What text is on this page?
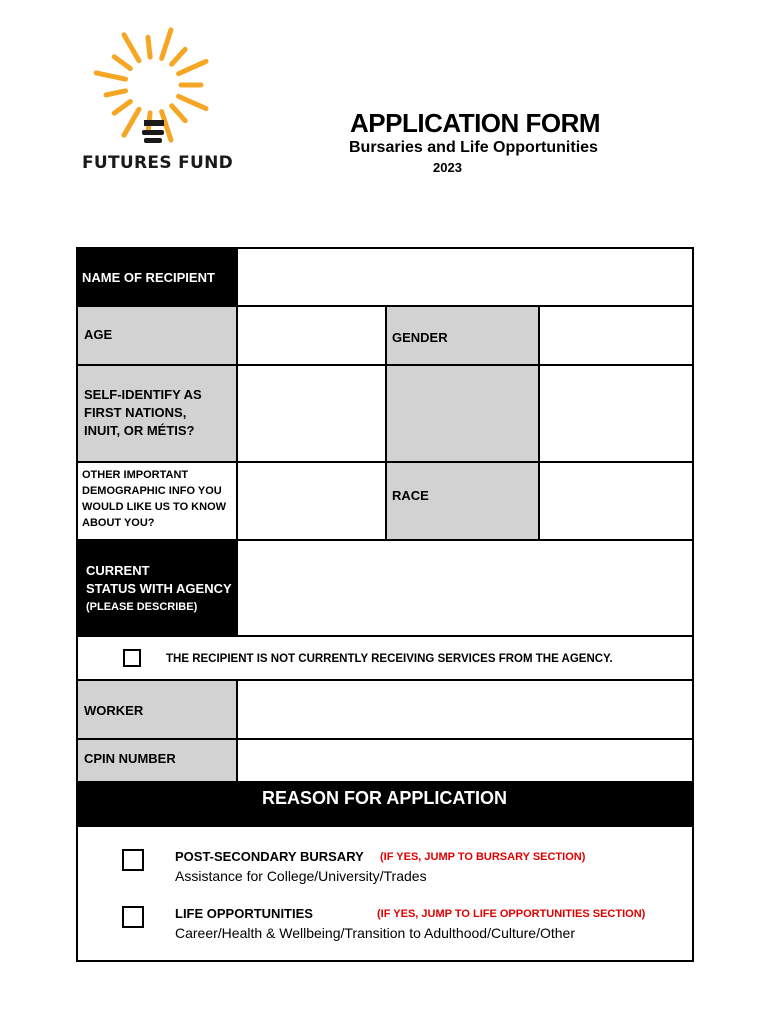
FUTURES FUND
APPLICATION FORM
Bursaries and Life Opportunities
2023
NAME OF RECIPIENT
AGE	GENDER
SELF-IDENTIFY AS
FIRST NATIONS,
INUIT, OR MÉTIS?
OTHER IMPORTANT
DEMOGRAPHIC INFO YOU
WOULD LIKE US TO KNOW
ABOUT YOU?
RACE
CURRENT
STATUS WITH AGENCY
(PLEASE DESCRIBE)
THE RECIPIENT IS NOT CURRENTLY RECEIVING SERVICES FROM THE AGENCY.
WORKER
CPIN NUMBER
REASON FOR APPLICATION
POST-SECONDARY BURSARY (IF YES, JUMP TO BURSARY SECTION)
Assistance for College/University/Trades
LIFE OPPORTUNITIES	(IF YES, JUMP TO LIFE OPPORTUNITIES SECTION)
Career/Health & Wellbeing/Transition to Adulthood/Culture/Other
